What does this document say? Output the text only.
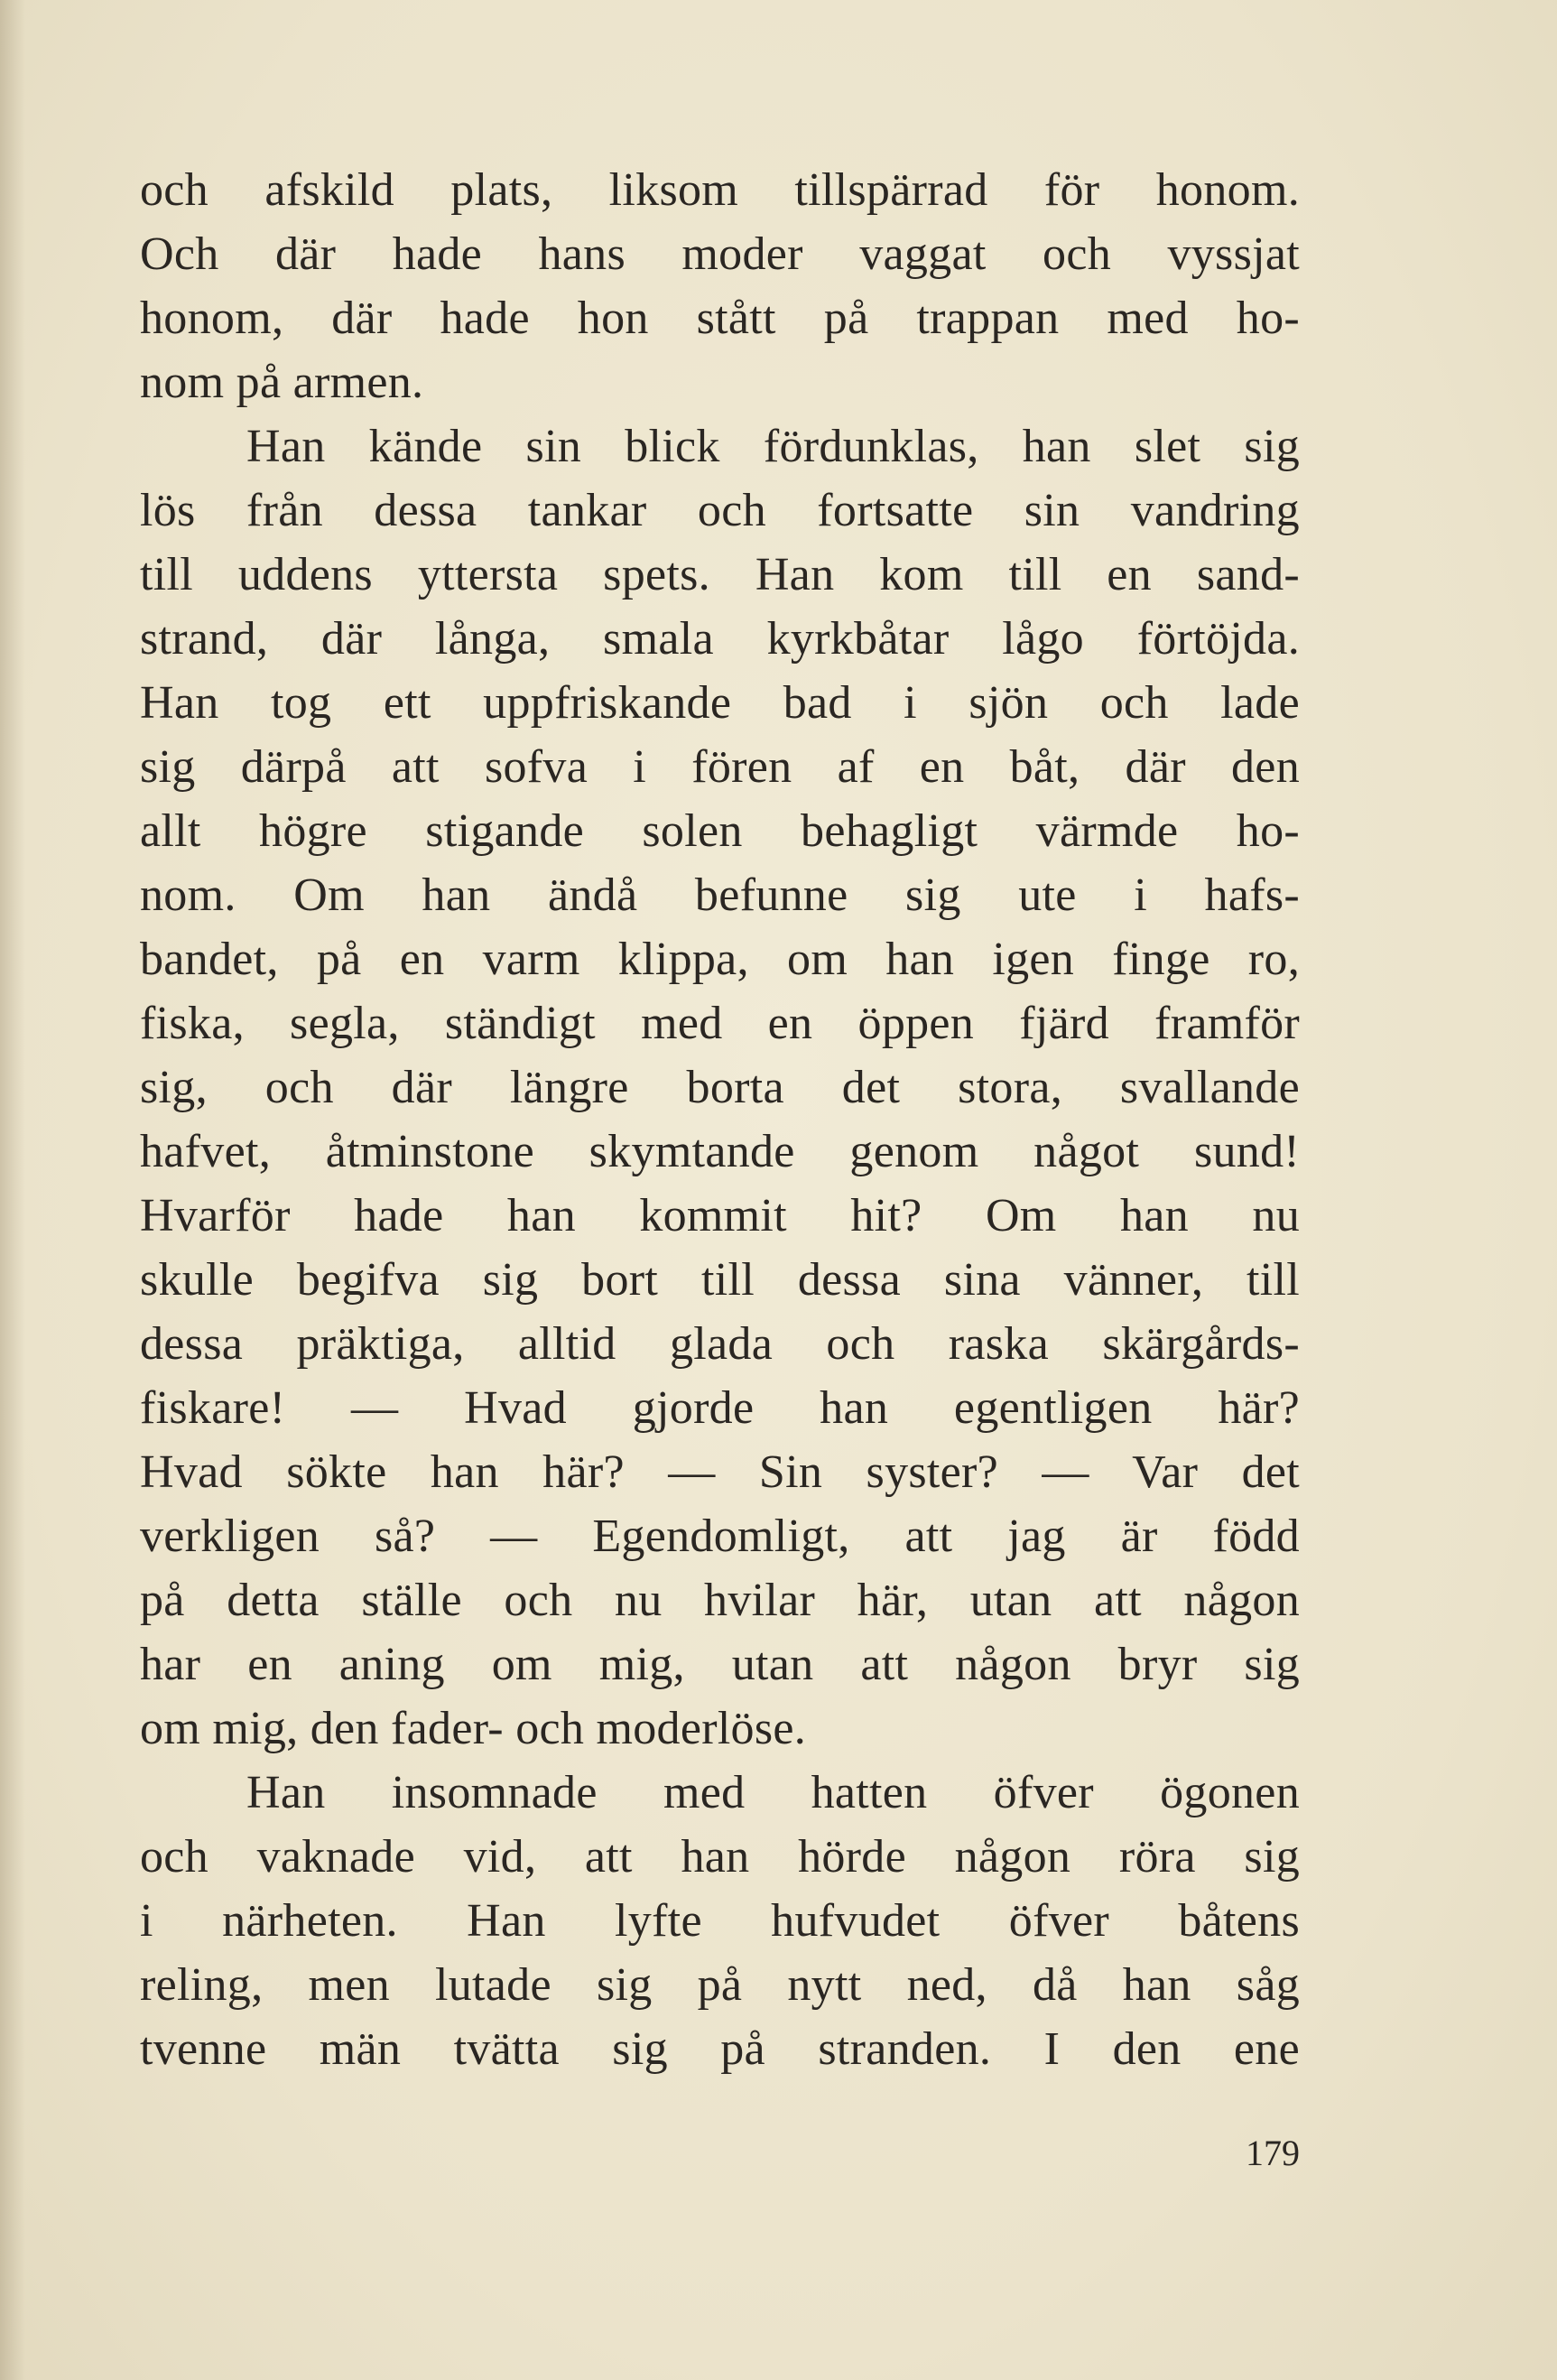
och afskild plats, liksom tillspärrad för honom.
Och där hade hans moder vaggat och vyssjat
honom, där hade hon stått på trappan med ho-
nom på armen.
Han kände sin blick fördunklas, han slet sig
lös från dessa tankar och fortsatte sin vandring
till uddens yttersta spets. Han kom till en sand-
strand, där långa, smala kyrkbåtar lågo förtöjda.
Han tog ett uppfriskande bad i sjön och lade
sig därpå att sofva i fören af en båt, där den
allt högre stigande solen behagligt värmde ho-
nom. Om han ändå befunne sig ute i hafs-
bandet, på en varm klippa, om han igen finge ro,
fiska, segla, ständigt med en öppen fjärd framför
sig, och där längre borta det stora, svallande
hafvet, åtminstone skymtande genom något sund!
Hvarför hade han kommit hit? Om han nu
skulle begifva sig bort till dessa sina vänner, till
dessa präktiga, alltid glada och raska skärgårds-
fiskare! — Hvad gjorde han egentligen här?
Hvad sökte han här? — Sin syster? — Var det
verkligen så? — Egendomligt, att jag är född
på detta ställe och nu hvilar här, utan att någon
har en aning om mig, utan att någon bryr sig
om mig, den fader- och moderlöse.
Han insomnade med hatten öfver ögonen
och vaknade vid, att han hörde någon röra sig
i närheten. Han lyfte hufvudet öfver båtens
reling, men lutade sig på nytt ned, då han såg
tvenne män tvätta sig på stranden. I den ene
179
